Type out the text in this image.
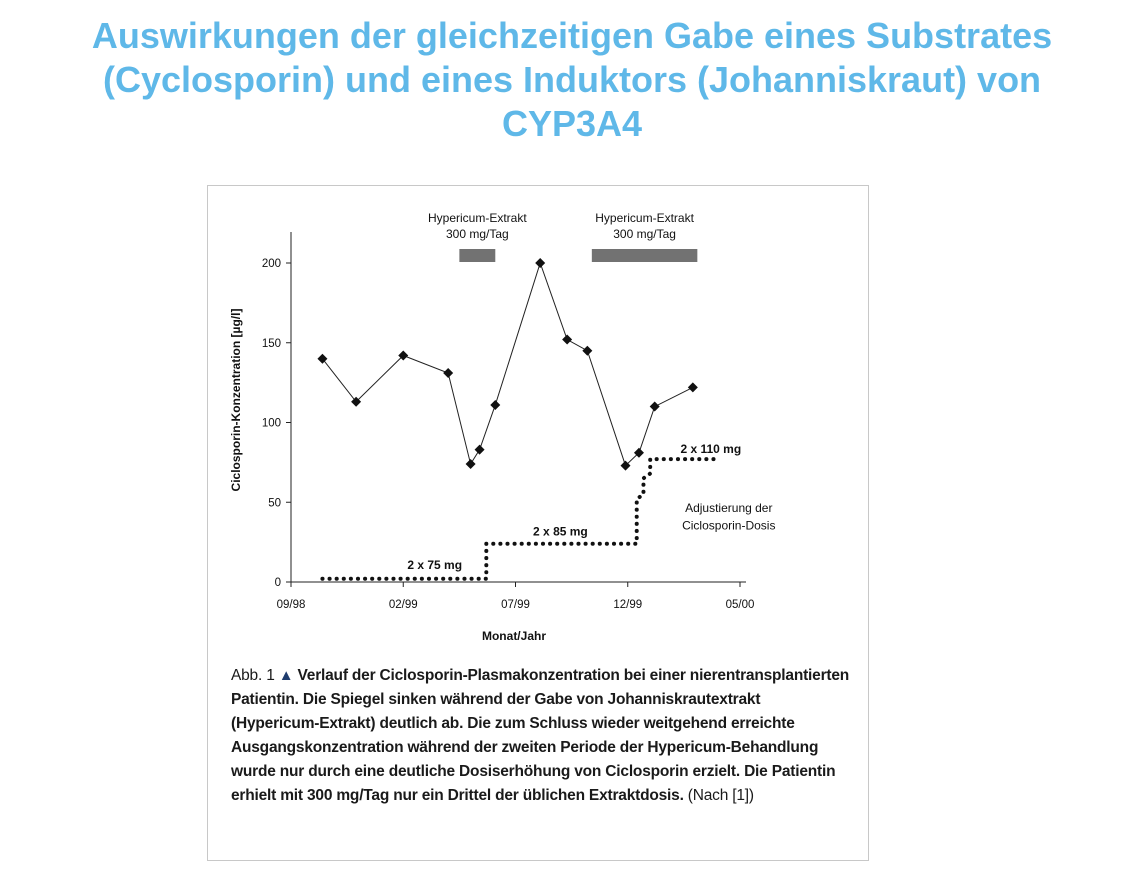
Auswirkungen der gleichzeitigen Gabe eines Substrates
(Cyclosporin) und eines Induktors (Johanniskraut) von
CYP3A4
Hypericum-Extrakt
300 mg/Tag
Hypericum-Extrakt
300 mg/Tag
0
50
100
150
200
09/98	02/99	07/99	12/99	05/00
2 x 75 mg
2 x 85 mg
2 x 110 mg
Adjustierung der
Ciclosporin-Dosis
Ciclosporin-Konzentration [µg/l]
Monat/Jahr
Abb. 1 ▲ Verlauf der Ciclosporin-Plasmakonzentration bei einer nierentransplantierten Patientin. Die Spiegel sinken während der Gabe von Johanniskrautextrakt (Hypericum-Extrakt) deutlich ab. Die zum Schluss wieder weitgehend erreichte Ausgangskonzentration während der zweiten Periode der Hypericum-Behandlung wurde nur durch eine deutliche Dosiserhöhung von Ciclosporin erzielt. Die Patientin erhielt mit 300 mg/Tag nur ein Drittel der üblichen Extraktdosis. (Nach [1])
